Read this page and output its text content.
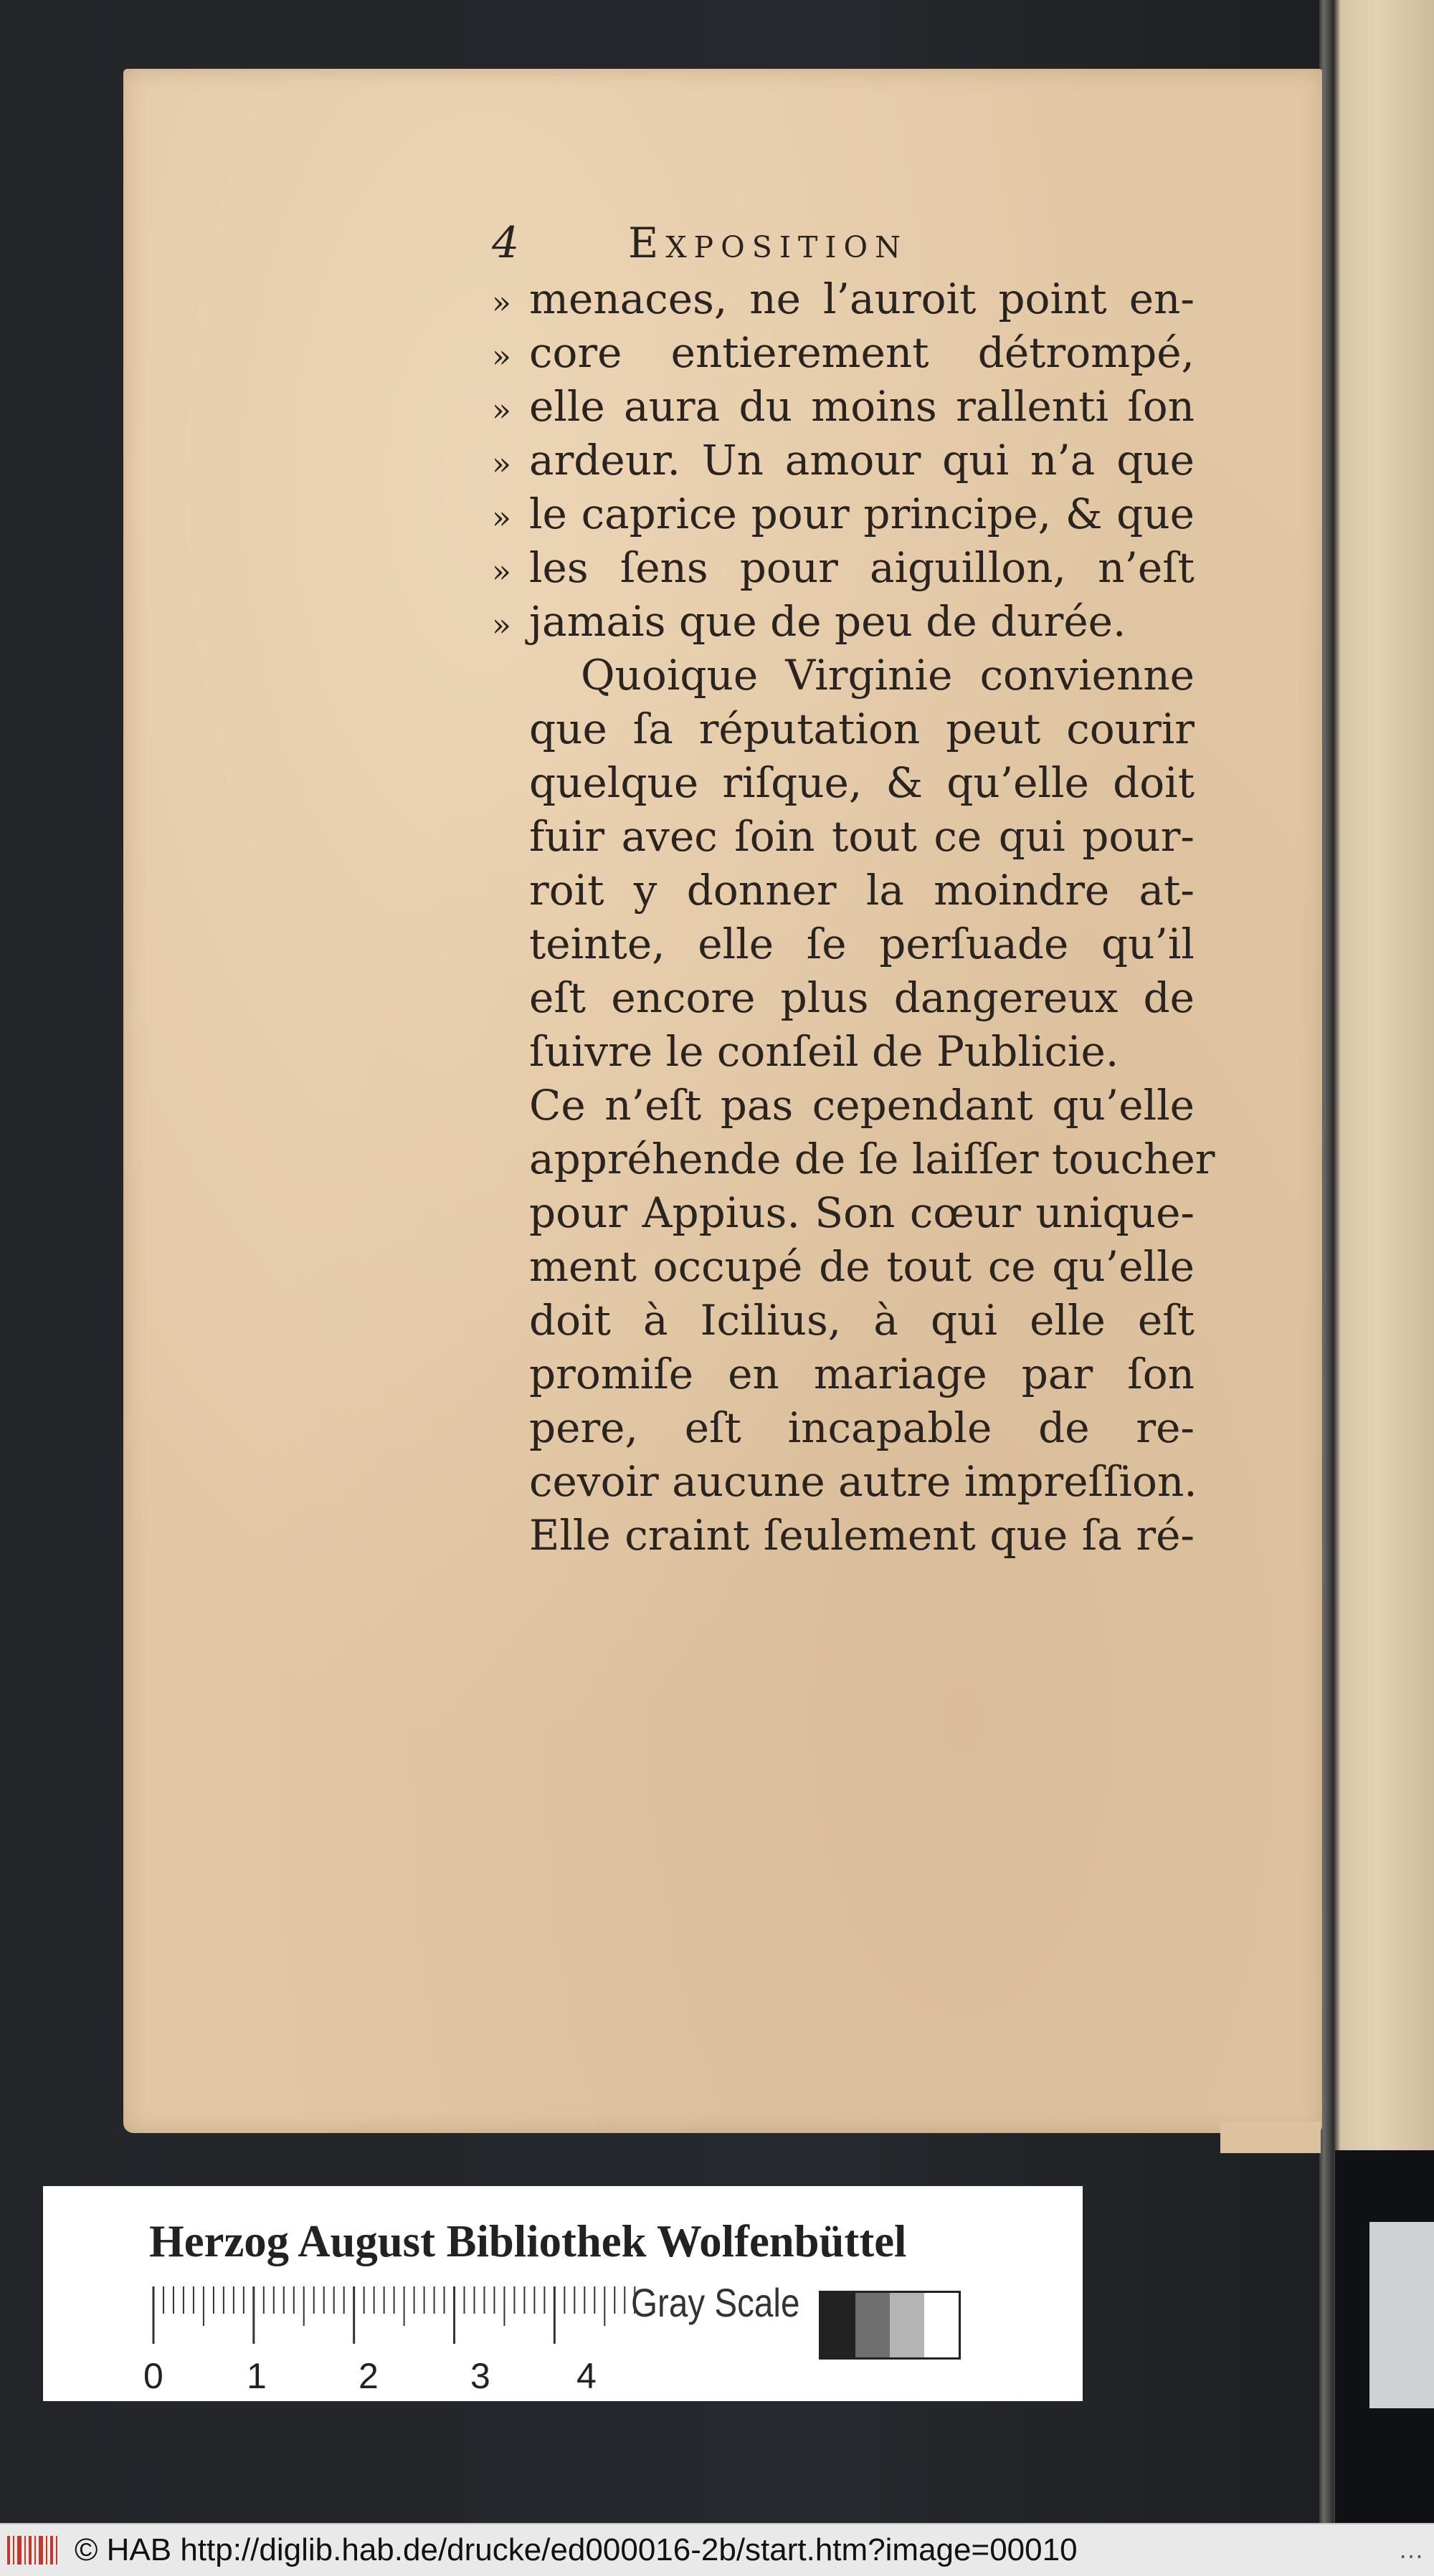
4	Exposition
» menaces, ne l’auroit point en-
» core entierement détrompé,
» elle aura du moins rallenti ſon
» ardeur. Un amour qui n’a que
» le caprice pour principe, & que
» les ſens pour aiguillon, n’eſt
» jamais que de peu de durée.
Quoique Virginie convienne
que ſa réputation peut courir
quelque riſque, & qu’elle doit
fuir avec ſoin tout ce qui pour-
roit y donner la moindre at-
teinte, elle ſe perſuade qu’il
eſt encore plus dangereux de
ſuivre le conſeil de Publicie.
Ce n’eſt pas cependant qu’elle
appréhende de ſe laiſſer toucher
pour Appius. Son cœur unique-
ment occupé de tout ce qu’elle
doit à Icilius, à qui elle eſt
promiſe en mariage par ſon
pere, eſt incapable de re-
cevoir aucune autre impreſſion.
Elle craint ſeulement que ſa ré-
Herzog August Bibliothek Wolfenbüttel
0 1	2	3 4
Gray Scale
© HAB http://diglib.hab.de/drucke/ed000016-2b/start.htm?image=00010	…
